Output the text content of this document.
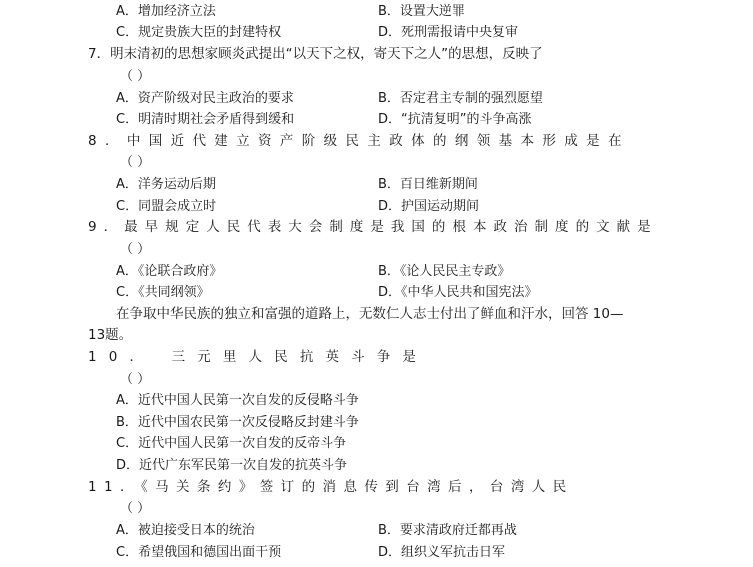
A．增加经济立法	B．设置大逆罪
C．规定贵族大臣的封建特权	D．死刑需报请中央复审
7．明末清初的思想家顾炎武提出“以天下之权，寄天下之人”的思想，反映了
（ ）
A．资产阶级对民主政治的要求	B．否定君主专制的强烈愿望
C．明清时期社会矛盾得到缓和	D．“抗清复明”的斗争高涨
8．中国近代建立资产阶级民主政体的纲领基本形成是在
（ ）
A．洋务运动后期	B．百日维新期间
C．同盟会成立时	D．护国运动期间
9．最早规定人民代表大会制度是我国的根本政治制度的文献是
（ ）
A．《论联合政府》	B．《论人民民主专政》
C．《共同纲领》	D．《中华人民共和国宪法》
在争取中华民族的独立和富强的道路上，无数仁人志士付出了鲜血和汗水，回答 10—
13题。
10． 三元里人民抗英斗争是
（ ）
A．近代中国人民第一次自发的反侵略斗争
B．近代中国农民第一次反侵略反封建斗争
C．近代中国人民第一次自发的反帝斗争
D．近代广东军民第一次自发的抗英斗争
11．《马关条约》签订的消息传到台湾后，台湾人民
（ ）
A．被迫接受日本的统治	B．要求清政府迁都再战
C．希望俄国和德国出面干预	D．组织义军抗击日军
